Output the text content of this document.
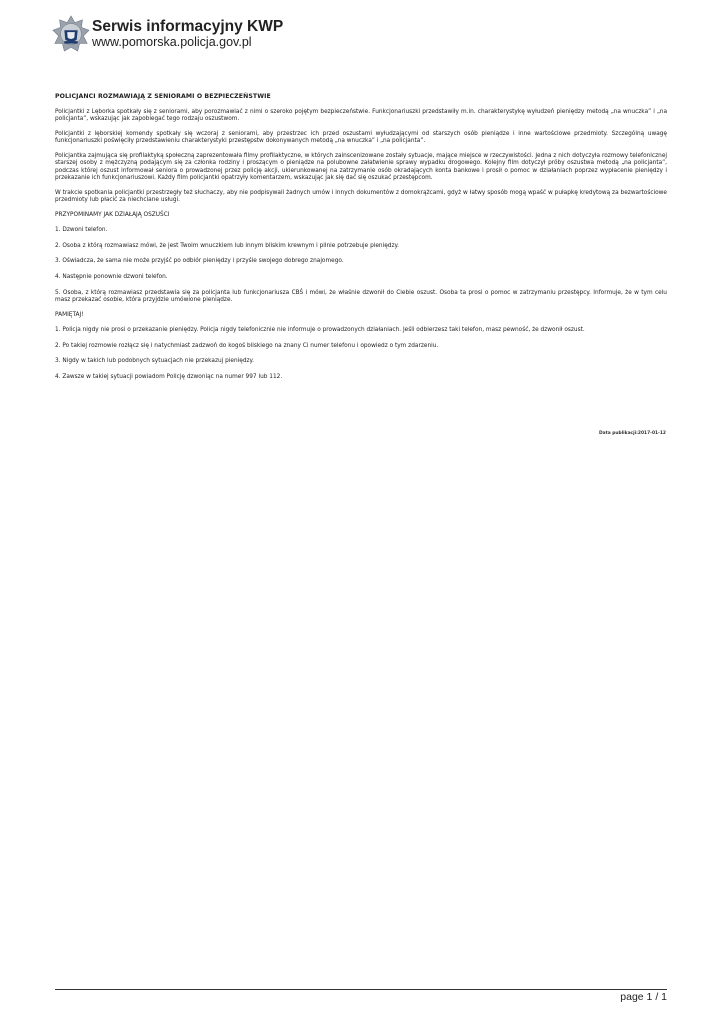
Serwis informacyjny KWP
www.pomorska.policja.gov.pl
POLICJANCI ROZMAWIAJĄ Z SENIORAMI O BEZPIECZEŃSTWIE

Policjantki z Lęborka spotkały się z seniorami, aby porozmawiać z nimi o szeroko pojętym bezpieczeństwie. Funkcjonariuszki przedstawiły m.in. charakterystykę wyłudzeń pieniędzy metodą „na wnuczka” i „na policjanta”, wskazując jak zapobiegać tego rodzaju oszustwom.

Policjantki z lęborskiej komendy spotkały się wczoraj z seniorami, aby przestrzec ich przed oszustami wyłudzającymi od starszych osób pieniądze i inne wartościowe przedmioty. Szczególną uwagę funkcjonariuszki poświęciły przedstawieniu charakterystyki przestępstw dokonywanych metodą „na wnuczka” i „na policjanta”.

Policjantka zajmująca się profilaktyką społeczną zaprezentowała filmy profilaktyczne, w których zainscenizowane zostały sytuacje, mające miejsce w rzeczywistości. Jedna z nich dotyczyła rozmowy telefonicznej starszej osoby z mężczyzną podającym się za członka rodziny i proszącym o pieniądze na polubowne załatwienie sprawy wypadku drogowego. Kolejny film dotyczył próby oszustwa metodą „na policjanta”, podczas której oszust informował seniora o prowadzonej przez policję akcji, ukierunkowanej na zatrzymanie osób okradających konta bankowe i prosił o pomoc w działaniach poprzez wypłacenie pieniędzy i przekazanie ich funkcjonariuszowi. Każdy film policjantki opatrzyły komentarzem, wskazując jak się dać się oszukać przestępcom.

W trakcie spotkania policjantki przestrzegły też słuchaczy, aby nie podpisywali żadnych umów i innych dokumentów z domokrążcami, gdyż w łatwy sposób mogą wpaść w pułapkę kredytową za bezwartościowe przedmioty lub płacić za niechciane usługi.

PRZYPOMINAMY JAK DZIAŁAJĄ OSZUŚCI

1. Dzwoni telefon.

2. Osoba z którą rozmawiasz mówi, że jest Twoim wnuczkiem lub innym bliskim krewnym i pilnie potrzebuje pieniędzy.

3. Oświadcza, że sama nie może przyjść po odbiór pieniędzy i przyśle swojego dobrego znajomego.

4. Następnie ponownie dzwoni telefon.

5. Osoba, z którą rozmawiasz przedstawia się za policjanta lub funkcjonariusza CBŚ i mówi, że właśnie dzwonił do Ciebie oszust. Osoba ta prosi o pomoc w zatrzymaniu przestępcy. Informuje, że w tym celu masz przekazać osobie, która przyjdzie umówione pieniądze.

PAMIĘTAJ!

1. Policja nigdy nie prosi o przekazanie pieniędzy. Policja nigdy telefonicznie nie informuje o prowadzonych działaniach. Jeśli odbierzesz taki telefon, masz pewność, że dzwonił oszust.

2. Po takiej rozmowie rozłącz się i natychmiast zadzwoń do kogoś bliskiego na znany Ci numer telefonu i opowiedz o tym zdarzeniu.

3. Nigdy w takich lub podobnych sytuacjach nie przekazuj pieniędzy.

4. Zawsze w takiej sytuacji powiadom Policję dzwoniąc na numer 997 lub 112.

Data publikacji:2017-01-12
page 1 / 1
